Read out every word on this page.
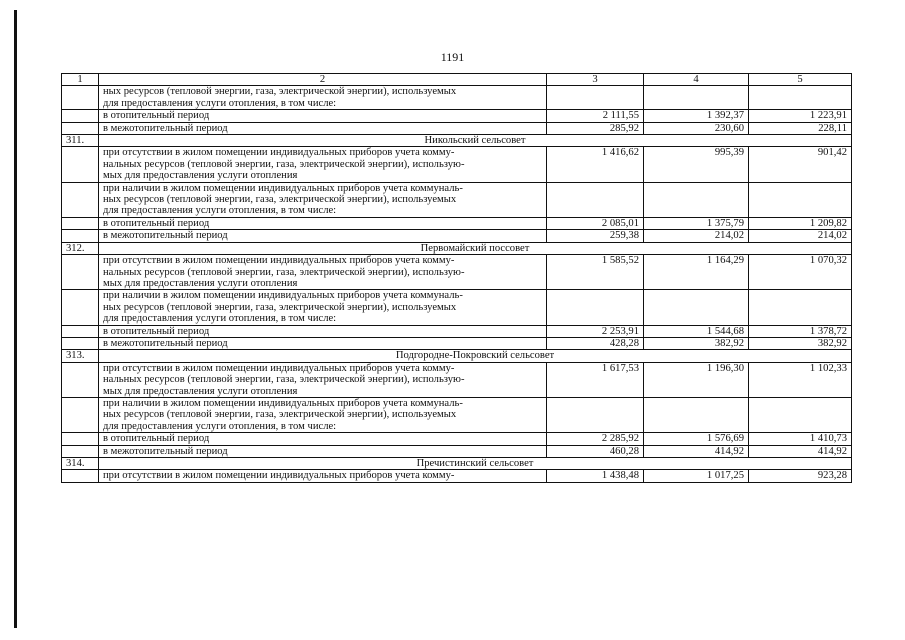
1191
1	2	3	4	5

	ных ресурсов (тепловой энергии, газа, электрической энергии), используемых
для предоставления услуги отопления, в том числе:			

	в отопительный период	2 111,55	1 392,37	1 223,91
	в межотопительный период	285,92	230,60	228,11
311.	Никольский сельсовет			

	при отсутствии в жилом помещении индивидуальных приборов учета комму-
нальных ресурсов (тепловой энергии, газа, электрической энергии), использую-
мых для предоставления услуги отопления	1 416,62	995,39	901,42

	при наличии в жилом помещении индивидуальных приборов учета коммуналь-
ных ресурсов (тепловой энергии, газа, электрической энергии), используемых
для предоставления услуги отопления, в том числе:			

	в отопительный период	2 085,01	1 375,79	1 209,82
	в межотопительный период	259,38	214,02	214,02
312.	Первомайский поссовет			

	при отсутствии в жилом помещении индивидуальных приборов учета комму-
нальных ресурсов (тепловой энергии, газа, электрической энергии), использую-
мых для предоставления услуги отопления	1 585,52	1 164,29	1 070,32

	при наличии в жилом помещении индивидуальных приборов учета коммуналь-
ных ресурсов (тепловой энергии, газа, электрической энергии), используемых
для предоставления услуги отопления, в том числе:			

	в отопительный период	2 253,91	1 544,68	1 378,72
	в межотопительный период	428,28	382,92	382,92
313.	Подгородне-Покровский сельсовет			

	при отсутствии в жилом помещении индивидуальных приборов учета комму-
нальных ресурсов (тепловой энергии, газа, электрической энергии), использую-
мых для предоставления услуги отопления	1 617,53	1 196,30	1 102,33

	при наличии в жилом помещении индивидуальных приборов учета коммуналь-
ных ресурсов (тепловой энергии, газа, электрической энергии), используемых
для предоставления услуги отопления, в том числе:			

	в отопительный период	2 285,92	1 576,69	1 410,73
	в межотопительный период	460,28	414,92	414,92
314.	Пречистинский сельсовет			

	при отсутствии в жилом помещении индивидуальных приборов учета комму-	1 438,48	1 017,25	923,28
